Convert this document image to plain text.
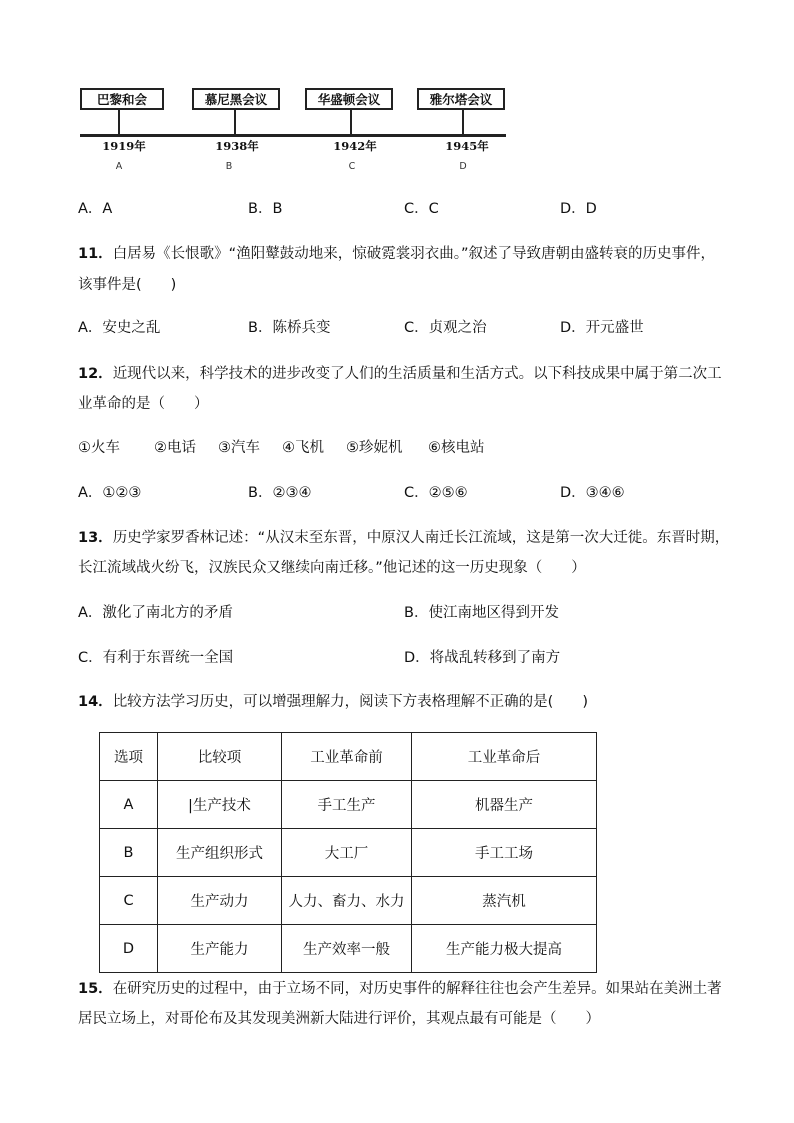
巴黎和会	慕尼黑会议	华盛顿会议	雅尔塔会议
1919年	1938年	1942年	1945年
A	B	C	D
A．A	B．B	C．C	D．D
11．白居易《长恨歌》“渔阳鼙鼓动地来，惊破霓裳羽衣曲。”叙述了导致唐朝由盛转衰的历史事件，
该事件是(　　)
A．安史之乱	B．陈桥兵变	C．贞观之治	D．开元盛世
12．近现代以来，科学技术的进步改变了人们的生活质量和生活方式。以下科技成果中属于第二次工
业革命的是（　　）
①火车 ②电话 ③汽车 ④飞机 ⑤珍妮机 ⑥核电站
A．①②③	B．②③④	C．②⑤⑥	D．③④⑥
13．历史学家罗香林记述：“从汉末至东晋，中原汉人南迁长江流域，这是第一次大迁徙。东晋时期，
长江流域战火纷飞，汉族民众又继续向南迁移。”他记述的这一历史现象（　　）
A．激化了南北方的矛盾	B．使江南地区得到开发
C．有利于东晋统一全国	D．将战乱转移到了南方
14．比较方法学习历史，可以增强理解力，阅读下方表格理解不正确的是(　　)
选项	比较项	工业革命前	工业革命后
A	|生产技术	手工生产	机器生产
B	生产组织形式	大工厂	手工工场
C	生产动力	人力、畜力、水力	蒸汽机
D	生产能力	生产效率一般	生产能力极大提高
15．在研究历史的过程中，由于立场不同，对历史事件的解释往往也会产生差异。如果站在美洲土著
居民立场上，对哥伦布及其发现美洲新大陆进行评价，其观点最有可能是（　　）
